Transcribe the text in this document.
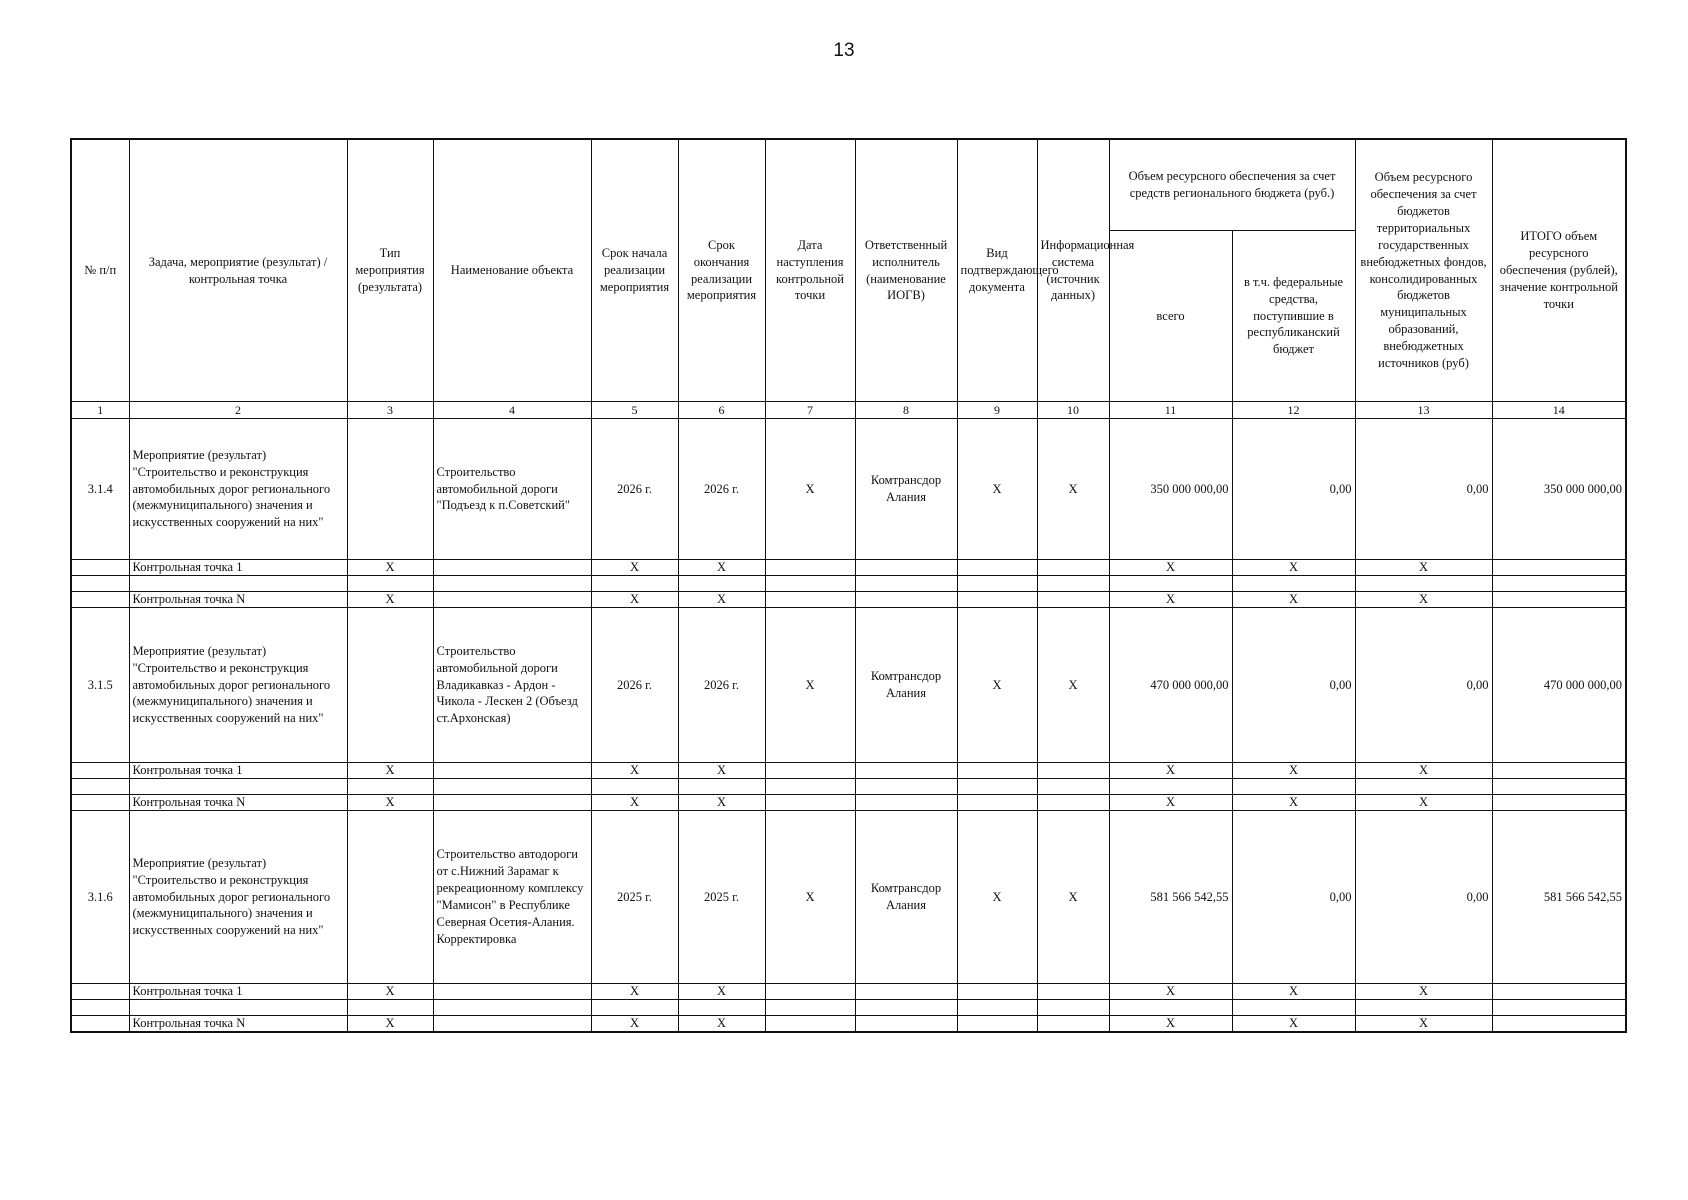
13
№ п/п	Задача, мероприятие (результат) / контрольная точка	Тип мероприятия (результата)	Наименование объекта	Срок начала реализации мероприятия	Срок окончания реализации мероприятия	Дата наступления контрольной точки	Ответственный исполнитель (наименование ИОГВ)	Вид подтверждающего документа	Информационная система (источник данных)	Объем ресурсного обеспечения за счет средств регионального бюджета (руб.)		Объем ресурсного обеспечения за счет бюджетов территориальных государственных внебюджетных фондов, консолидированных бюджетов муниципальных образований, внебюджетных источников (руб)	ИТОГО объем ресурсного обеспечения (рублей), значение контрольной точки
										всего	в т.ч. федеральные средства, поступившие в республиканский бюджет		
1	2	3	4	5	6	7	8	9	10	11	12	13	14
3.1.4	Мероприятие (результат) "Строительство и реконструкция автомобильных дорог регионального (межмуниципального) значения и искусственных сооружений на них"		Строительство автомобильной дороги "Подъезд к п.Советский"	2026 г.	2026 г.	X	Комтрансдор Алания	X	X	350 000 000,00	0,00	0,00	350 000 000,00
	Контрольная точка 1	X		X	X					X	X	X	

	Контрольная точка N	X		X	X					X	X	X	
3.1.5	Мероприятие (результат) "Строительство и реконструкция автомобильных дорог регионального (межмуниципального) значения и искусственных сооружений на них"		Строительство автомобильной дороги Владикавказ - Ардон - Чикола - Лескен 2 (Объезд ст.Архонская)	2026 г.	2026 г.	X	Комтрансдор Алания	X	X	470 000 000,00	0,00	0,00	470 000 000,00
	Контрольная точка 1	X		X	X					X	X	X	

	Контрольная точка N	X		X	X					X	X	X	
3.1.6	Мероприятие (результат) "Строительство и реконструкция автомобильных дорог регионального (межмуниципального) значения и искусственных сооружений на них"		Строительство автодороги от с.Нижний Зарамаг к рекреационному комплексу "Мамисон" в Республике Северная Осетия-Алания. Корректировка	2025 г.	2025 г.	X	Комтрансдор Алания	X	X	581 566 542,55	0,00	0,00	581 566 542,55
	Контрольная точка 1	X		X	X					X	X	X	

	Контрольная точка N	X		X	X					X	X	X	
